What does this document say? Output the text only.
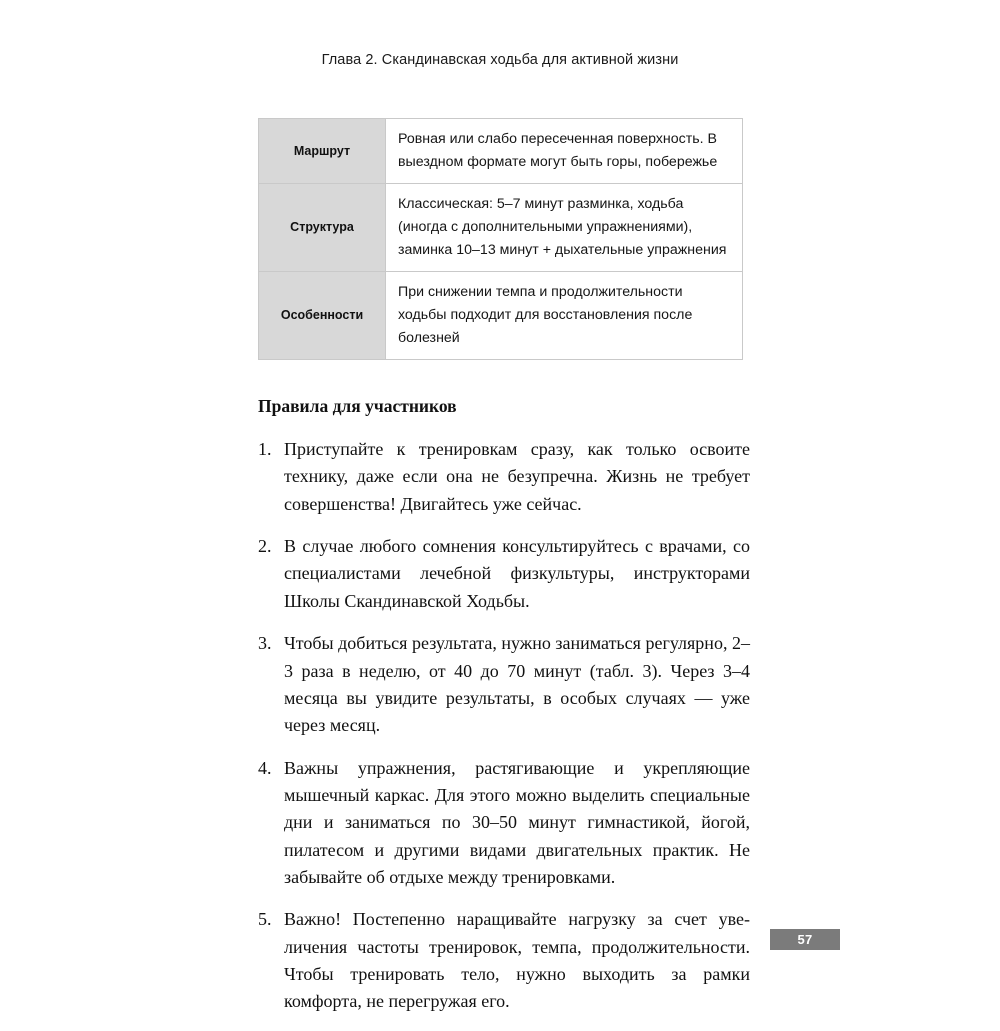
Глава 2. Скандинавская ходьба для активной жизни
Маршрут	Ровная или слабо пересеченная поверхность. В выездном формате могут быть горы, побережье
Структура	Классическая: 5–7 минут разминка, ходьба (иногда с дополнительными упражнениями), заминка 10–13 минут + дыхательные упражнения
Особенности	При снижении темпа и продолжительности ходьбы подходит для восстановления после болезней
Правила для участников
1. Приступайте к тренировкам сразу, как только освоите технику, даже если она не безупречна. Жизнь не требует совершенства! Двигайтесь уже сейчас.
2. В случае любого сомнения консультируйтесь с врачами, со специалистами лечебной физкультуры, инструкторами Школы Скандинавской Ходьбы.
3. Чтобы добиться результата, нужно заниматься регулярно, 2–3 раза в неделю, от 40 до 70 минут (табл. 3). Через 3–4 месяца вы увидите результаты, в особых случаях — уже через месяц.
4. Важны упражнения, растягивающие и укрепляющие мышечный каркас. Для этого можно выделить специальные дни и заниматься по 30–50 минут гимнастикой, йогой, пилатесом и другими видами двигательных практик. Не забывайте об отдыхе между тренировками.
5. Важно! Постепенно наращивайте нагрузку за счет увеличения частоты тренировок, темпа, продолжительности. Чтобы тренировать тело, нужно выходить за рамки комфорта, не перегружая его.
57
